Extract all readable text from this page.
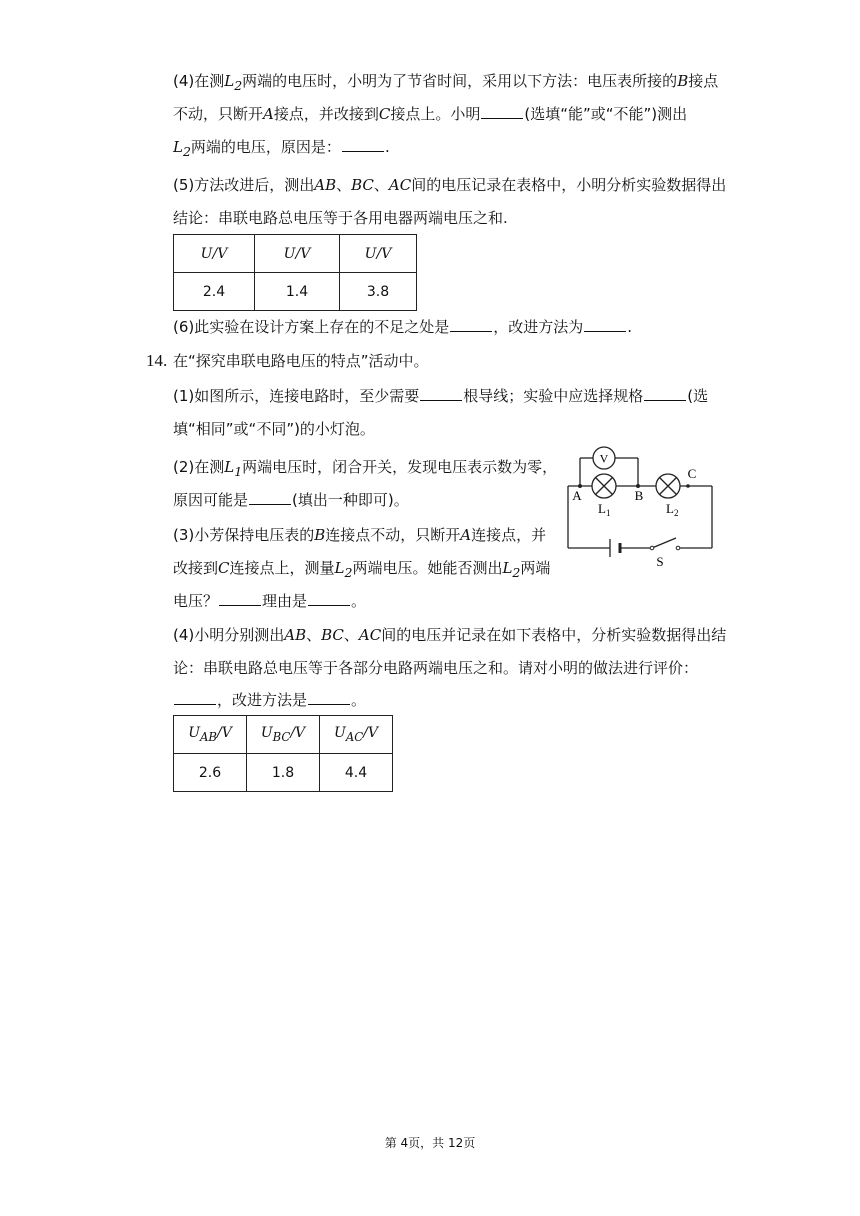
(4)在测$L_2$两端的电压时，小明为了节省时间，采用以下方法：电压表所接的B接点
不动，只断开A接点，并改接到C接点上。小明	(选填“能”或“不能”)测出
$L_2$两端的电压，原因是：	.
(5)方法改进后，测出AB、BC、AC间的电压记录在表格中，小明分析实验数据得出
结论：串联电路总电压等于各用电器两端电压之和.
U/V	U/V	U/V
2.4	1.4	3.8
(6)此实验在设计方案上存在的不足之处是	，改进方法为	.
14. 在“探究串联电路电压的特点”活动中。
(1)如图所示，连接电路时，至少需要	根导线；实验中应选择规格	(选
填“相同”或“不同”)的小灯泡。
(2)在测$L_1$两端电压时，闭合开关，发现电压表示数为零，
原因可能是	(填出一种即可)。
(3)小芳保持电压表的B连接点不动，只断开A连接点，并
改接到C连接点上，测量$L_2$两端电压。她能否测出$L_2$两端
电压？	理由是	。
(4)小明分别测出AB、BC、AC间的电压并记录在如下表格中，分析实验数据得出结
论：串联电路总电压等于各部分电路两端电压之和。请对小明的做法进行评价：
，改进方法是	。
$U_{AB}/V$	$U_{BC}/V$	$U_{AC}/V$
2.6	1.8	4.4
V
A	B
C
$L_1$	$L_2$
S
第 4页，共 12页
